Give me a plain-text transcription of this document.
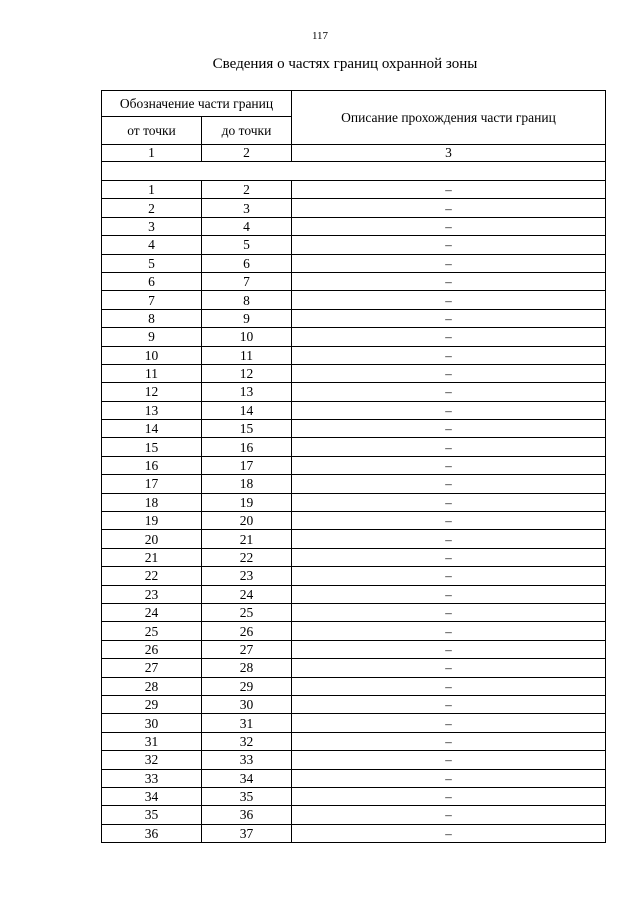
117
Сведения о частях границ охранной зоны
Обозначение части границ		Описание прохождения части границ
от точки	до точки	
1	2	3

1	2	–
2	3	–
3	4	–
4	5	–
5	6	–
6	7	–
7	8	–
8	9	–
9	10	–
10	11	–
11	12	–
12	13	–
13	14	–
14	15	–
15	16	–
16	17	–
17	18	–
18	19	–
19	20	–
20	21	–
21	22	–
22	23	–
23	24	–
24	25	–
25	26	–
26	27	–
27	28	–
28	29	–
29	30	–
30	31	–
31	32	–
32	33	–
33	34	–
34	35	–
35	36	–
36	37	–
